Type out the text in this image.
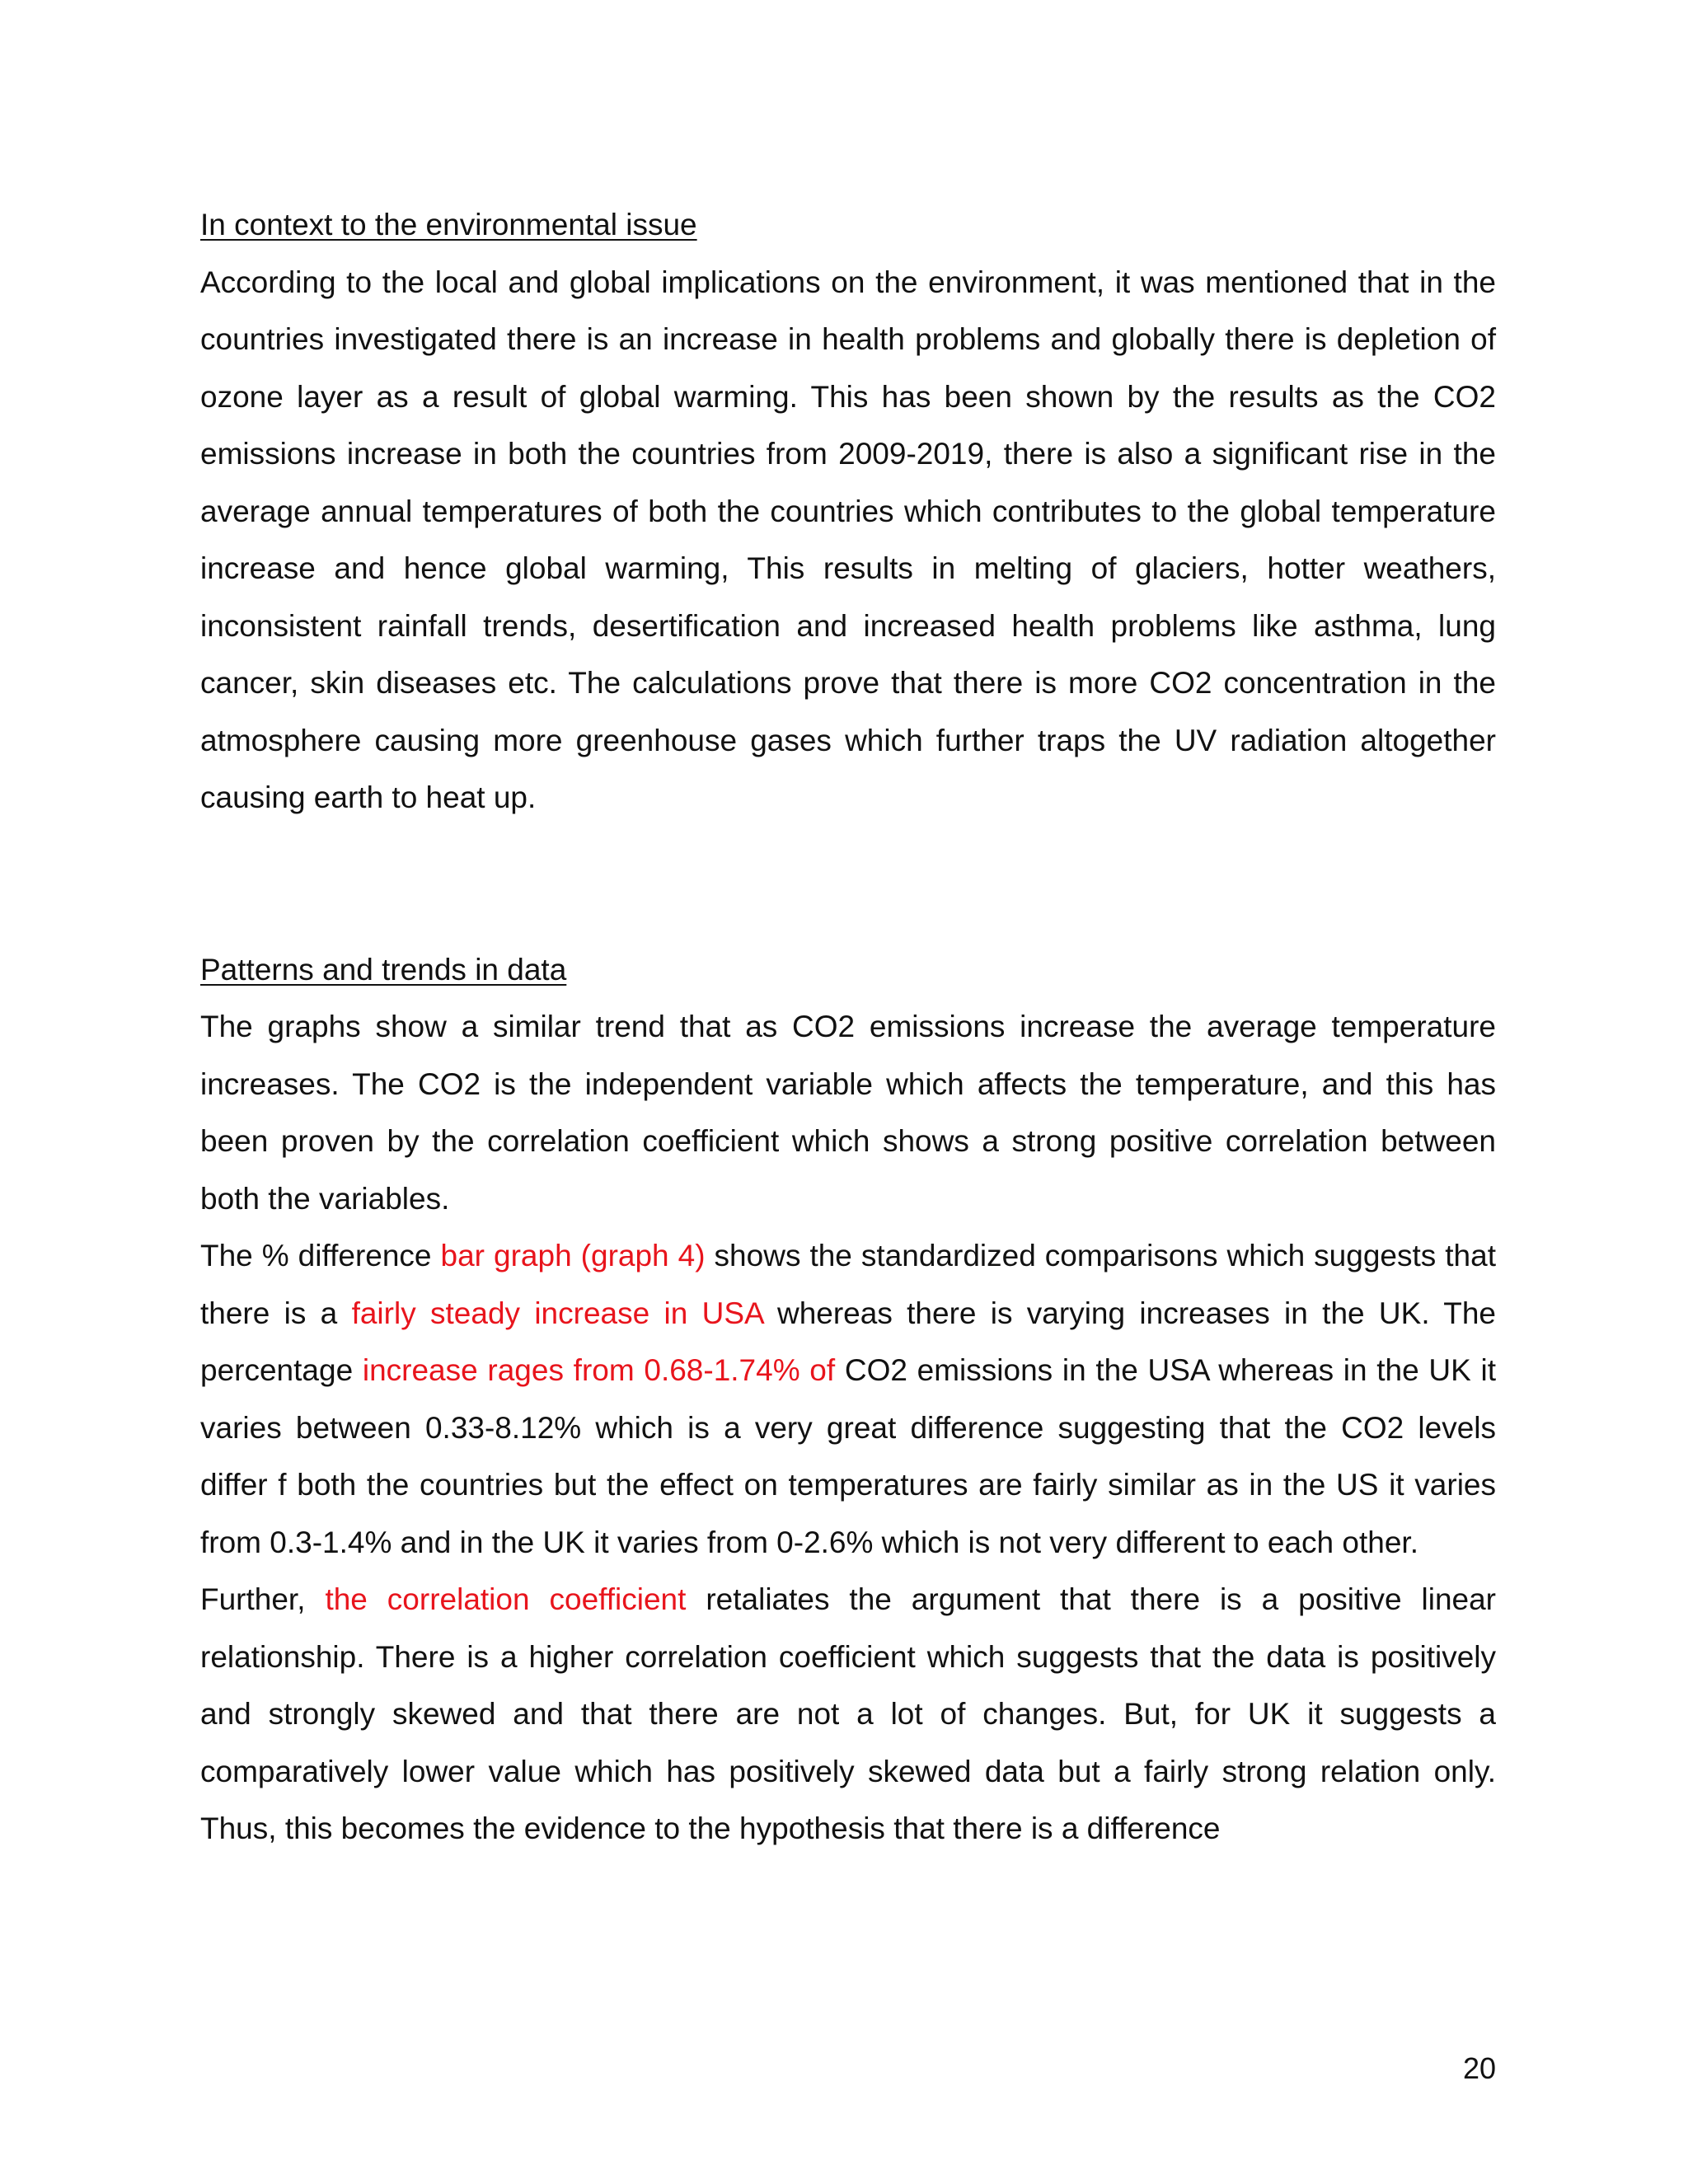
In context to the environmental issue

According to the local and global implications on the environment, it was mentioned that in the countries investigated there is an increase in health problems and globally there is depletion of ozone layer as a result of global warming. This has been shown by the results as the CO2 emissions increase in both the countries from 2009-2019, there is also a significant rise in the average annual temperatures of both the countries which contributes to the global temperature increase and hence global warming, This results in melting of glaciers, hotter weathers, inconsistent rainfall trends, desertification and increased health problems like asthma, lung cancer, skin diseases etc. The calculations prove that there is more CO2 concentration in the atmosphere causing more greenhouse gases which further traps the UV radiation altogether causing earth to heat up.

Patterns and trends in data

The graphs show a similar trend that as CO2 emissions increase the average temperature increases. The CO2 is the independent variable which affects the temperature, and this has been proven by the correlation coefficient which shows a strong positive correlation between both the variables.

The % difference bar graph (graph 4) shows the standardized comparisons which suggests that there is a fairly steady increase in USA whereas there is varying increases in the UK. The percentage increase rages from 0.68-1.74% of CO2 emissions in the USA whereas in the UK it varies between 0.33-8.12% which is a very great difference suggesting that the CO2 levels differ f both the countries but the effect on temperatures are fairly similar as in the US it varies from 0.3-1.4% and in the UK it varies from 0-2.6% which is not very different to each other.

Further, the correlation coefficient retaliates the argument that there is a positive linear relationship. There is a higher correlation coefficient which suggests that the data is positively and strongly skewed and that there are not a lot of changes. But, for UK it suggests a comparatively lower value which has positively skewed data but a fairly strong relation only. Thus, this becomes the evidence to the hypothesis that there is a difference

20
